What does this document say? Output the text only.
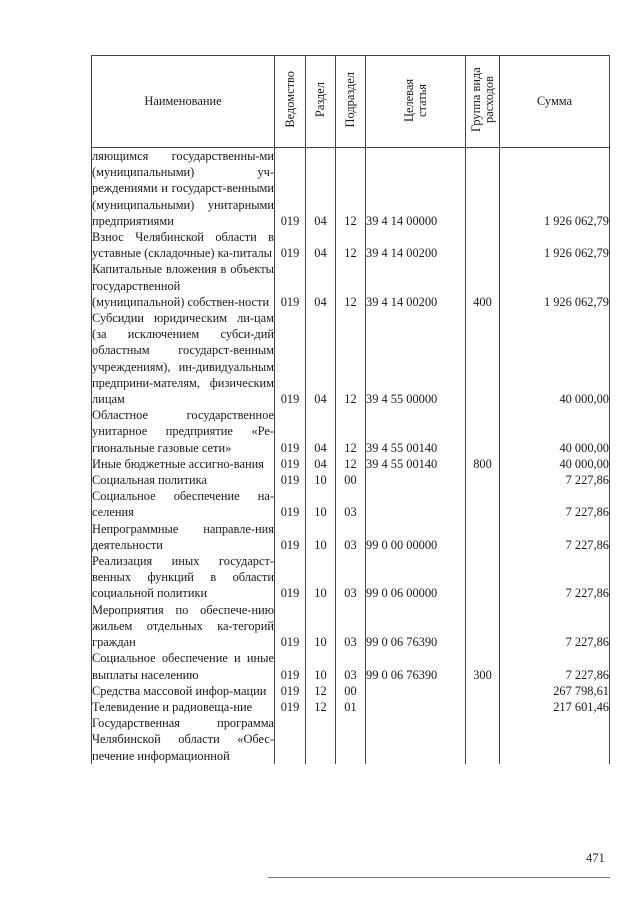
Наименование	Ведомство	Раздел	Подраздел	Целевая статья	Группа вида расходов	Сумма
ляющимся государственны-ми (муниципальными) уч-реждениями и государст-венными (муниципальными) унитарными предприятиями	019	04	12	39 4 14 00000		1 926 062,79
Взнос Челябинской области в уставные (складочные) ка-питалы	019	04	12	39 4 14 00200		1 926 062,79
Капитальные вложения в объекты государственной (муниципальной) собствен-ности	019	04	12	39 4 14 00200	400	1 926 062,79
Субсидии юридическим ли-цам (за исключением субси-дий областным государст-венным учреждениям), ин-дивидуальным предприни-мателям, физическим лицам	019	04	12	39 4 55 00000		40 000,00
Областное государственное унитарное предприятие «Ре-гиональные газовые сети»	019	04	12	39 4 55 00140		40 000,00
Иные бюджетные ассигно-вания	019	04	12	39 4 55 00140	800	40 000,00
Социальная политика	019	10	00			7 227,86
Социальное обеспечение на-селения	019	10	03			7 227,86
Непрограммные направле-ния деятельности	019	10	03	99 0 00 00000		7 227,86
Реализация иных государст-венных функций в области социальной политики	019	10	03	99 0 06 00000		7 227,86
Мероприятия по обеспече-нию жильем отдельных ка-тегорий граждан	019	10	03	99 0 06 76390		7 227,86
Социальное обеспечение и иные выплаты населению	019	10	03	99 0 06 76390	300	7 227,86
Средства массовой инфор-мации	019	12	00			267 798,61
Телевидение и радиовеща-ние	019	12	01			217 601,46
Государственная программа Челябинской области «Обес-печение информационной						
471
